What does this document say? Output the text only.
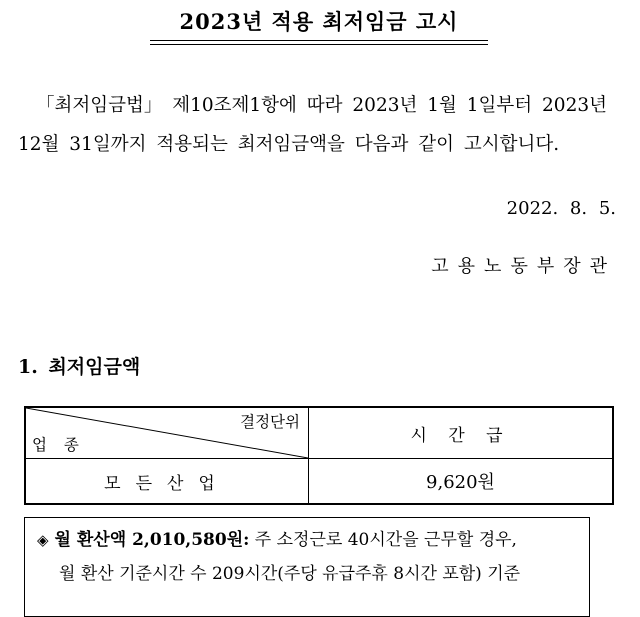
2023년 적용 최저임금 고시
「최저임금법」 제10조제1항에 따라 2023년 1월 1일부터 2023년
12월 31일까지 적용되는 최저임금액을 다음과 같이 고시합니다.
2022. 8. 5.
고용노동부장관
1. 최저임금액
결정단위
업 종	시 간 급
모든산업	9,620원
◈ 월 환산액 2,010,580원: 주 소정근로 40시간을 근무할 경우,
월 환산 기준시간 수 209시간(주당 유급주휴 8시간 포함) 기준
